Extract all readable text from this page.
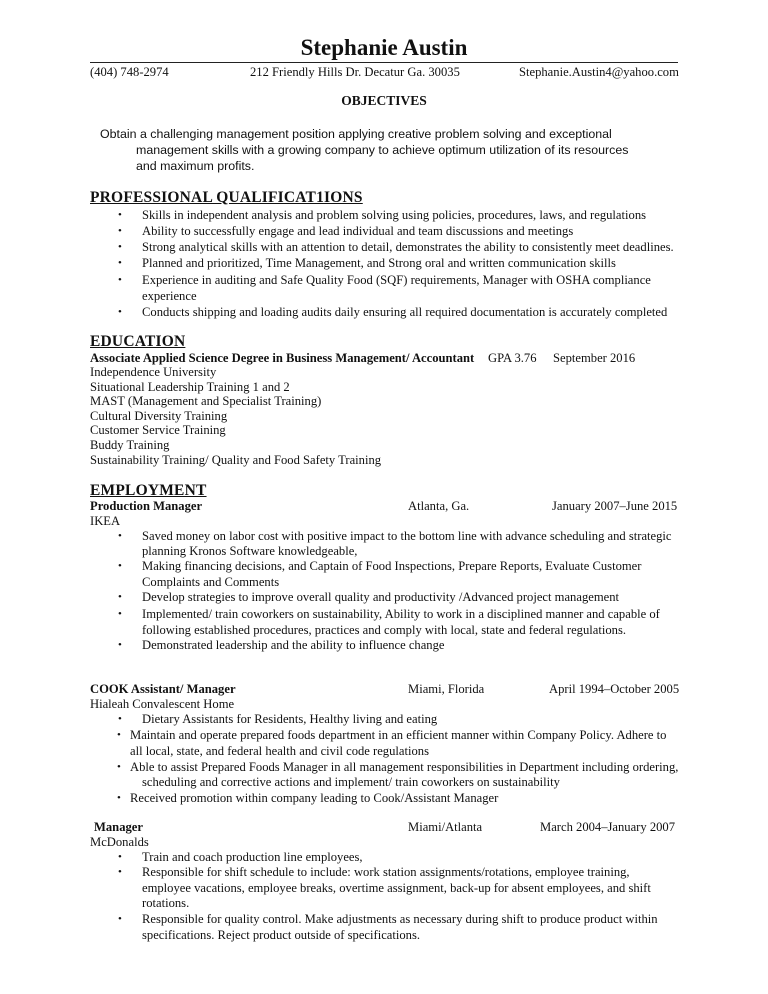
Stephanie Austin
(404) 748-2974	212 Friendly Hills Dr. Decatur Ga. 30035	Stephanie.Austin4@yahoo.com
OBJECTIVES
Obtain a challenging management position applying creative problem solving and exceptional
management skills with a growing company to achieve optimum utilization of its resources
and maximum profits.
PROFESSIONAL QUALIFICAT1IONS
• Skills in independent analysis and problem solving using policies, procedures, laws, and regulations
• Ability to successfully engage and lead individual and team discussions and meetings
• Strong analytical skills with an attention to detail, demonstrates the ability to consistently meet deadlines.
• Planned and prioritized, Time Management, and Strong oral and written communication skills
• Experience in auditing and Safe Quality Food (SQF) requirements, Manager with OSHA compliance
experience
• Conducts shipping and loading audits daily ensuring all required documentation is accurately completed
EDUCATION
Associate Applied Science Degree in Business Management/ Accountant GPA 3.76 September 2016
Independence University
Situational Leadership Training 1 and 2
MAST (Management and Specialist Training)
Cultural Diversity Training
Customer Service Training
Buddy Training
Sustainability Training/ Quality and Food Safety Training
EMPLOYMENT
Production Manager	Atlanta, Ga.	January 2007–June 2015
IKEA
• Saved money on labor cost with positive impact to the bottom line with advance scheduling and strategic
planning Kronos Software knowledgeable,
• Making financing decisions, and Captain of Food Inspections, Prepare Reports, Evaluate Customer
Complaints and Comments
• Develop strategies to improve overall quality and productivity /Advanced project management
• Implemented/ train coworkers on sustainability, Ability to work in a disciplined manner and capable of
following established procedures, practices and comply with local, state and federal regulations.
• Demonstrated leadership and the ability to influence change
COOK Assistant/ Manager	Miami, Florida	April 1994–October 2005
Hialeah Convalescent Home
• Dietary Assistants for Residents, Healthy living and eating
• Maintain and operate prepared foods department in an efficient manner within Company Policy. Adhere to
all local, state, and federal health and civil code regulations
• Able to assist Prepared Foods Manager in all management responsibilities in Department including ordering,
scheduling and corrective actions and implement/ train coworkers on sustainability
• Received promotion within company leading to Cook/Assistant Manager
Manager	Miami/Atlanta	March 2004–January 2007
McDonalds
• Train and coach production line employees,
• Responsible for shift schedule to include: work station assignments/rotations, employee training,
employee vacations, employee breaks, overtime assignment, back-up for absent employees, and shift
rotations.
• Responsible for quality control. Make adjustments as necessary during shift to produce product within
specifications. Reject product outside of specifications.
